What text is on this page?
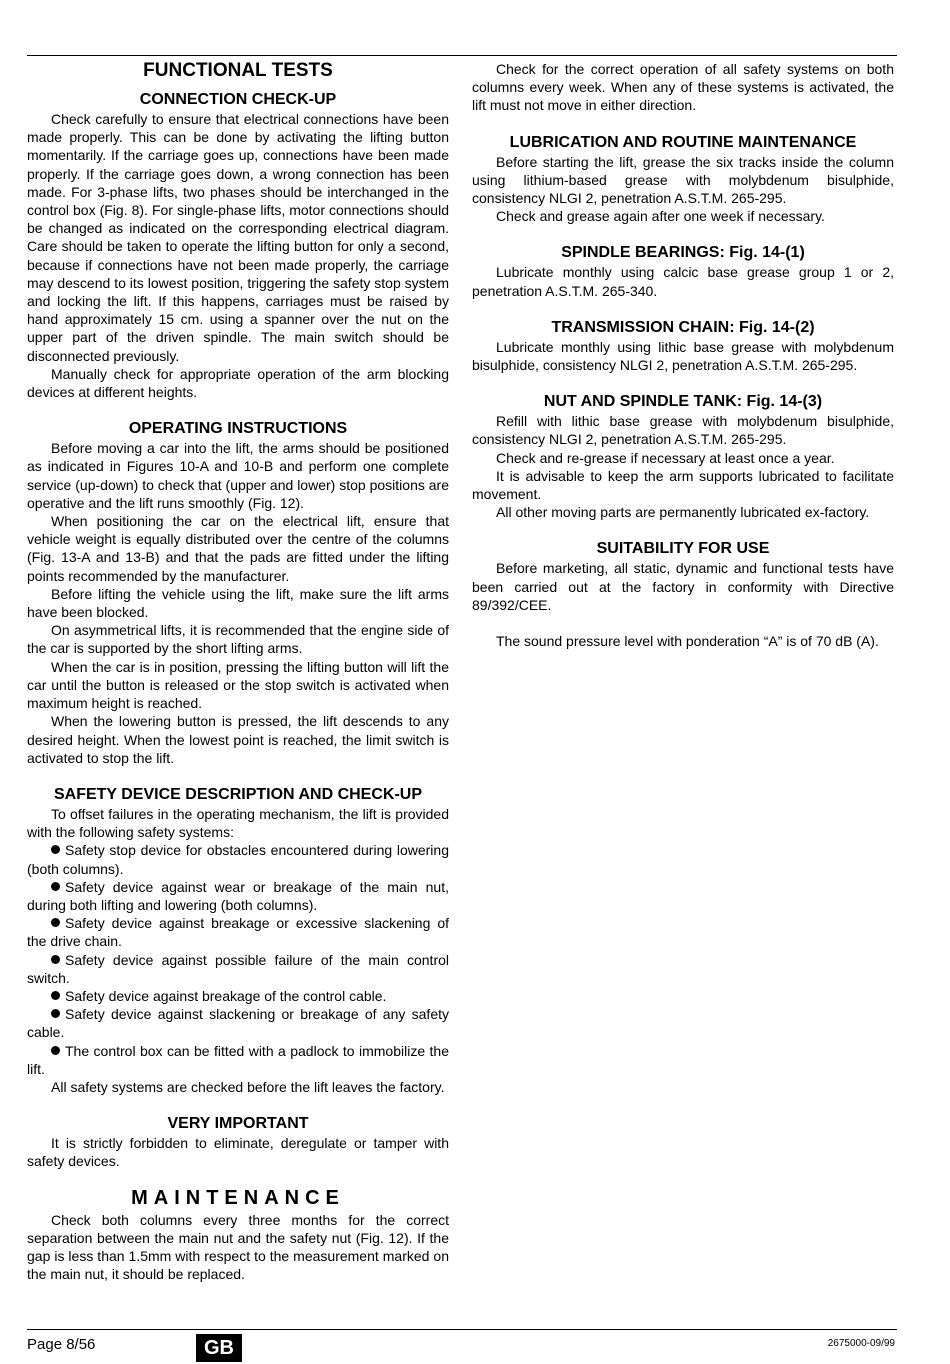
FUNCTIONAL TESTS
CONNECTION CHECK-UP

Check carefully to ensure that electrical connections have been made properly. This can be done by activating the lifting button momentarily. If the carriage goes up, connections have been made properly. If the carriage goes down, a wrong connection has been made. For 3-phase lifts, two phases should be interchanged in the control box (Fig. 8). For single-phase lifts, motor connections should be changed as indicated on the corresponding electrical diagram. Care should be taken to operate the lifting button for only a second, because if connections have not been made properly, the carriage may descend to its lowest position, triggering the safety stop system and locking the lift. If this happens, carriages must be raised by hand approximately 15 cm. using a spanner over the nut on the upper part of the driven spindle. The main switch should be disconnected previously.

Manually check for appropriate operation of the arm blocking devices at different heights.

OPERATING INSTRUCTIONS

Before moving a car into the lift, the arms should be positioned as indicated in Figures 10-A and 10-B and perform one complete service (up-down) to check that (upper and lower) stop positions are operative and the lift runs smoothly (Fig. 12).

When positioning the car on the electrical lift, ensure that vehicle weight is equally distributed over the centre of the columns (Fig. 13-A and 13-B) and that the pads are fitted under the lifting points recommended by the manufacturer.

Before lifting the vehicle using the lift, make sure the lift arms have been blocked.

On asymmetrical lifts, it is recommended that the engine side of the car is supported by the short lifting arms.

When the car is in position, pressing the lifting button will lift the car until the button is released or the stop switch is activated when maximum height is reached.

When the lowering button is pressed, the lift descends to any desired height. When the lowest point is reached, the limit switch is activated to stop the lift.

SAFETY DEVICE DESCRIPTION AND CHECK-UP

To offset failures in the operating mechanism, the lift is provided with the following safety systems:

Safety stop device for obstacles encountered during lowering (both columns).

Safety device against wear or breakage of the main nut, during both lifting and lowering (both columns).

Safety device against breakage or excessive slackening of the drive chain.

Safety device against possible failure of the main control switch.

Safety device against breakage of the control cable.

Safety device against slackening or breakage of any safety cable.

The control box can be fitted with a padlock to immobilize the lift.

All safety systems are checked before the lift leaves the factory.

VERY IMPORTANT

It is strictly forbidden to eliminate, deregulate or tamper with safety devices.

MAINTENANCE

Check both columns every three months for the correct separation between the main nut and the safety nut (Fig. 12). If the gap is less than 1.5mm with respect to the measurement marked on the main nut, it should be replaced.

Check for the correct operation of all safety systems on both columns every week. When any of these systems is activated, the lift must not move in either direction.

LUBRICATION AND ROUTINE MAINTENANCE

Before starting the lift, grease the six tracks inside the column using lithium-based grease with molybdenum bisulphide, consistency NLGI 2, penetration A.S.T.M. 265-295.

Check and grease again after one week if necessary.

SPINDLE BEARINGS: Fig. 14-(1)

Lubricate monthly using calcic base grease group 1 or 2, penetration A.S.T.M. 265-340.

TRANSMISSION CHAIN: Fig. 14-(2)

Lubricate monthly using lithic base grease with molybdenum bisulphide, consistency NLGI 2, penetration A.S.T.M. 265-295.

NUT AND SPINDLE TANK: Fig. 14-(3)

Refill with lithic base grease with molybdenum bisulphide, consistency NLGI 2, penetration A.S.T.M. 265-295.

Check and re-grease if necessary at least once a year.

It is advisable to keep the arm supports lubricated to facilitate movement.

All other moving parts are permanently lubricated ex-factory.

SUITABILITY FOR USE

Before marketing, all static, dynamic and functional tests have been carried out at the factory in conformity with Directive 89/392/CEE.

The sound pressure level with ponderation “A” is of 70 dB (A).

Page 8/56	GB	2675000-09/99
